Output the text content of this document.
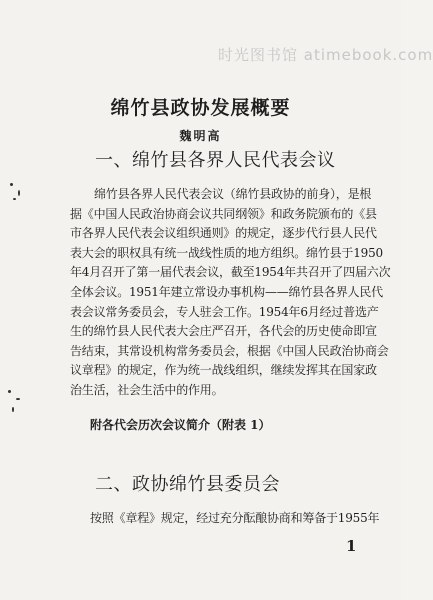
时光图书馆 atimebook.com
绵竹县政协发展概要
魏明高
一、绵竹县各界人民代表会议

绵竹县各界人民代表会议（绵竹县政协的前身），是根

据《中国人民政治协商会议共同纲领》和政务院颁布的《县

市各界人民代表会议组织通则》的规定，逐步代行县人民代

表大会的职权具有统一战线性质的地方组织。绵竹县于1950

年4月召开了第一届代表会议，截至1954年共召开了四届六次

全体会议。1951年建立常设办事机构——绵竹县各界人民代

表会议常务委员会，专人驻会工作。1954年6月经过普选产

生的绵竹县人民代表大会庄严召开，各代会的历史使命即宣

告结束，其常设机构常务委员会，根据《中国人民政治协商会

议章程》的规定，作为统一战线组织，继续发挥其在国家政

治生活，社会生活中的作用。

附各代会历次会议简介（附表 1）
二、政协绵竹县委员会
按照《章程》规定，经过充分酝酿协商和筹备于1955年
1
